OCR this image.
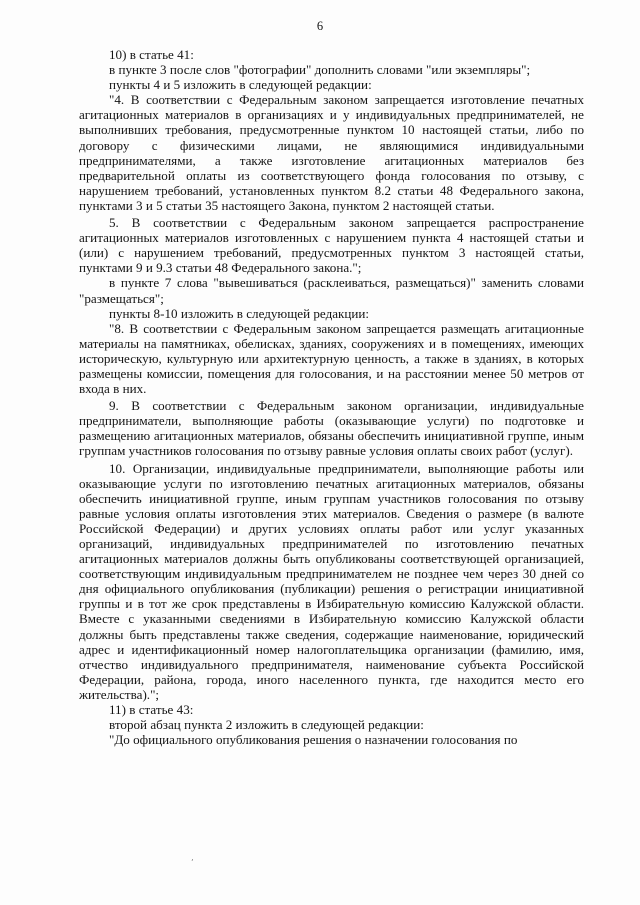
6

10) в статье 41:

в пункте 3 после слов "фотографии" дополнить словами "или экземпляры";

пункты 4 и 5 изложить в следующей редакции:

"4. В соответствии с Федеральным законом запрещается изготовление печатных агитационных материалов в организациях и у индивидуальных предпринимателей, не выполнивших требования, предусмотренные пунктом 10 настоящей статьи, либо по договору с физическими лицами, не являющимися индивидуальными предпринимателями, а также изготовление агитационных материалов без предварительной оплаты из соответствующего фонда голосования по отзыву, с нарушением требований, установленных пунктом 8.2 статьи 48 Федерального закона, пунктами 3 и 5 статьи 35 настоящего Закона, пунктом 2 настоящей статьи.

5. В соответствии с Федеральным законом запрещается распространение агитационных материалов изготовленных с нарушением пункта 4 настоящей статьи и (или) с нарушением требований, предусмотренных пунктом 3 настоящей статьи, пунктами 9 и 9.3 статьи 48 Федерального закона.";

в пункте 7 слова "вывешиваться (расклеиваться, размещаться)" заменить словами "размещаться";

пункты 8-10 изложить в следующей редакции:

"8. В соответствии с Федеральным законом запрещается размещать агитационные материалы на памятниках, обелисках, зданиях, сооружениях и в помещениях, имеющих историческую, культурную или архитектурную ценность, а также в зданиях, в которых размещены комиссии, помещения для голосования, и на расстоянии менее 50 метров от входа в них.

9. В соответствии с Федеральным законом организации, индивидуальные предприниматели, выполняющие работы (оказывающие услуги) по подготовке и размещению агитационных материалов, обязаны обеспечить инициативной группе, иным группам участников голосования по отзыву равные условия оплаты своих работ (услуг).

10. Организации, индивидуальные предприниматели, выполняющие работы или оказывающие услуги по изготовлению печатных агитационных материалов, обязаны обеспечить инициативной группе, иным группам участников голосования по отзыву равные условия оплаты изготовления этих материалов. Сведения о размере (в валюте Российской Федерации) и других условиях оплаты работ или услуг указанных организаций, индивидуальных предпринимателей по изготовлению печатных агитационных материалов должны быть опубликованы соответствующей организацией, соответствующим индивидуальным предпринимателем не позднее чем через 30 дней со дня официального опубликования (публикации) решения о регистрации инициативной группы и в тот же срок представлены в Избирательную комиссию Калужской области. Вместе с указанными сведениями в Избирательную комиссию Калужской области должны быть представлены также сведения, содержащие наименование, юридический адрес и идентификационный номер налогоплательщика организации (фамилию, имя, отчество индивидуального предпринимателя, наименование субъекта Российской Федерации, района, города, иного населенного пункта, где находится место его жительства).";

11) в статье 43:

второй абзац пункта 2 изложить в следующей редакции:

"До официального опубликования решения о назначении голосования по

٬
